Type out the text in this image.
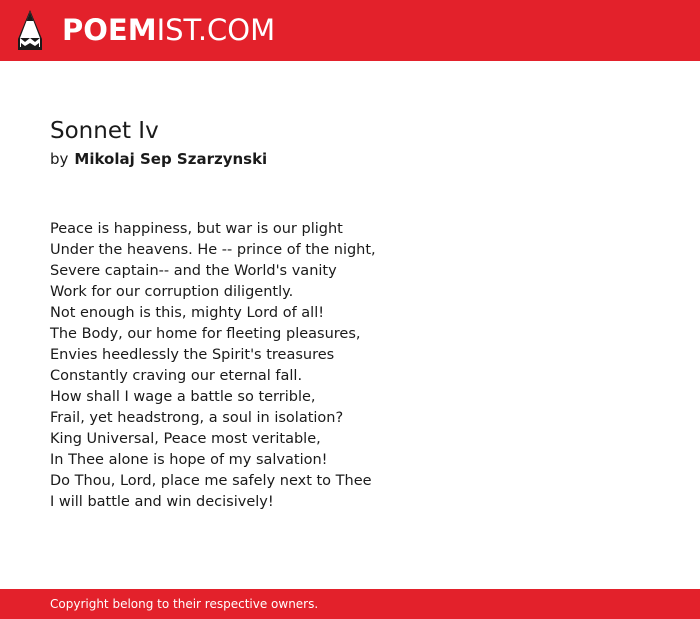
POEMIST.COM
Sonnet Iv
by Mikolaj Sep Szarzynski
Peace is happiness, but war is our plight
Under the heavens. He -- prince of the night,
Severe captain-- and the World's vanity
Work for our corruption diligently.
Not enough is this, mighty Lord of all!
The Body, our home for fleeting pleasures,
Envies heedlessly the Spirit's treasures
Constantly craving our eternal fall.
How shall I wage a battle so terrible,
Frail, yet headstrong, a soul in isolation?
King Universal, Peace most veritable,
In Thee alone is hope of my salvation!
Do Thou, Lord, place me safely next to Thee
I will battle and win decisively!
Copyright belong to their respective owners.
